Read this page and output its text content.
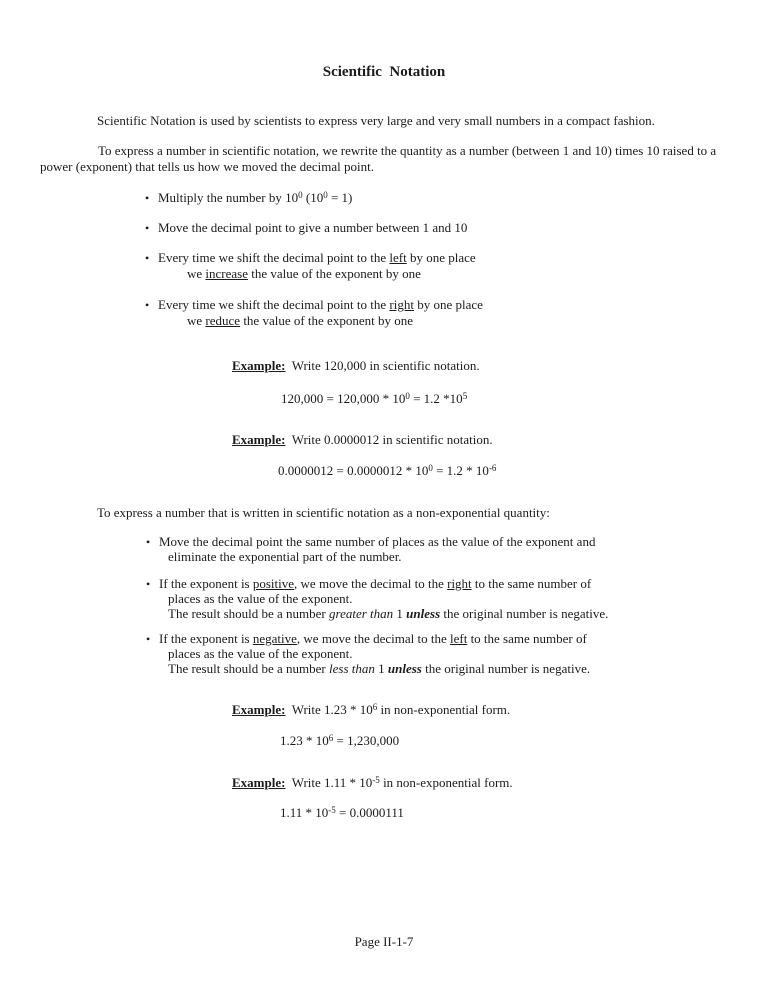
Scientific  Notation
Scientific Notation is used by scientists to express very large and very small numbers in a compact fashion.
To express a number in scientific notation, we rewrite the quantity as a number (between 1 and 10) times 10 raised to a
power (exponent) that tells us how we moved the decimal point.
• Multiply the number by $10^0$ $(10^0 = 1)$
• Move the decimal point to give a number between 1 and 10
• Every time we shift the decimal point to the left by one place
we increase the value of the exponent by one
• Every time we shift the decimal point to the right by one place
we reduce the value of the exponent by one
Example:  Write 120,000 in scientific notation.
$120,000 = 120,000 * 10^0 = 1.2$ $*10^5$
Example:  Write 0.0000012 in scientific notation.
$0.0000012 = 0.0000012 * 10^0 = 1.2 * 10^{-6}$
To express a number that is written in scientific notation as a non-exponential quantity:
• Move the decimal point the same number of places as the value of the exponent and
eliminate the exponential part of the number.
• If the exponent is positive, we move the decimal to the right to the same number of
places as the value of the exponent.
The result should be a number greater than 1 unless the original number is negative.
• If the exponent is negative, we move the decimal to the left to the same number of
places as the value of the exponent.
The result should be a number less than 1 unless the original number is negative.
Example:  Write $1.23 * 10^6$ in non-exponential form.
$1.23 * 10^6 = 1,230,000$
Example:  Write $1.11 * 10^{-5}$ in non-exponential form.
$1.11 * 10^{-5} = 0.0000111$
Page II-1-7
